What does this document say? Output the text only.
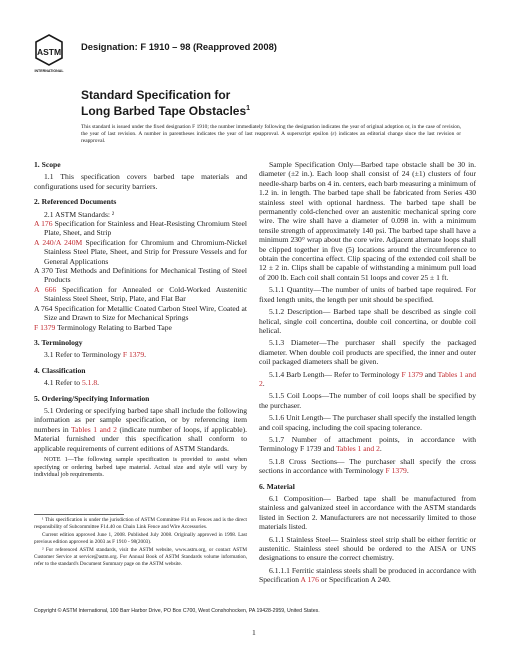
ASTM
INTERNATIONAL
Designation: F 1910 – 98 (Reapproved 2008)
Standard Specification for
Long Barbed Tape Obstacles$^1$
This standard is issued under the fixed designation F 1910; the number immediately following the designation indicates the year of original adoption or, in the case of revision, the year of last revision. A number in parentheses indicates the year of last reapproval. A superscript epsilon (ε) indicates an editorial change since the last revision or reapproval.

1. Scope

1.1 This specification covers barbed tape materials and configurations used for security barriers.

2. Referenced Documents

2.1 ASTM Standards: ²

A 176 Specification for Stainless and Heat-Resisting Chromium Steel Plate, Sheet, and Strip

A 240/A 240M Specification for Chromium and Chromium-Nickel Stainless Steel Plate, Sheet, and Strip for Pressure Vessels and for General Applications

A 370 Test Methods and Definitions for Mechanical Testing of Steel Products

A 666 Specification for Annealed or Cold-Worked Austenitic Stainless Steel Sheet, Strip, Plate, and Flat Bar

A 764 Specification for Metallic Coated Carbon Steel Wire, Coated at Size and Drawn to Size for Mechanical Springs

F 1379 Terminology Relating to Barbed Tape

3. Terminology

3.1 Refer to Terminology F 1379.

4. Classification

4.1 Refer to 5.1.8.

5. Ordering/Specifying Information

5.1 Ordering or specifying barbed tape shall include the following information as per sample specification, or by referencing item numbers in Tables 1 and 2 (indicate number of loops, if applicable). Material furnished under this specification shall conform to applicable requirements of current editions of ASTM Standards.

NOTE 1—The following sample specification is provided to assist when specifying or ordering barbed tape material. Actual size and style will vary by individual job requirements.

¹ This specification is under the jurisdiction of ASTM Committee F14 on Fences and is the direct responsibility of Subcommittee F14.40 on Chain Link Fence and Wire Accessories.

Current edition approved June 1, 2008. Published July 2008. Originally approved in 1998. Last previous edition approved in 2003 as F 1910 - 98(2003).

² For referenced ASTM standards, visit the ASTM website, www.astm.org, or contact ASTM Customer Service at service@astm.org. For Annual Book of ASTM Standards volume information, refer to the standard's Document Summary page on the ASTM website.

Sample Specification Only—Barbed tape obstacle shall be 30 in. diameter (±2 in.). Each loop shall consist of 24 (±1) clusters of four needle-sharp barbs on 4 in. centers, each barb measuring a minimum of 1.2 in. in length. The barbed tape shall be fabricated from Series 430 stainless steel with optional hardness. The barbed tape shall be permanently cold-clenched over an austenitic mechanical spring core wire. The wire shall have a diameter of 0.098 in. with a minimum tensile strength of approximately 140 psi. The barbed tape shall have a minimum 230° wrap about the core wire. Adjacent alternate loops shall be clipped together in five (5) locations around the circumference to obtain the concertina effect. Clip spacing of the extended coil shall be 12 ± 2 in. Clips shall be capable of withstanding a minimum pull load of 200 lb. Each coil shall contain 51 loops and cover 25 ± 1 ft.

5.1.1 Quantity—The number of units of barbed tape required. For fixed length units, the length per unit should be specified.

5.1.2 Description— Barbed tape shall be described as single coil helical, single coil concertina, double coil concertina, or double coil helical.

5.1.3 Diameter—The purchaser shall specify the packaged diameter. When double coil products are specified, the inner and outer coil packaged diameters shall be given.

5.1.4 Barb Length— Refer to Terminology F 1379 and Tables 1 and 2.

5.1.5 Coil Loops—The number of coil loops shall be specified by the purchaser.

5.1.6 Unit Length— The purchaser shall specify the installed length and coil spacing, including the coil spacing tolerance.

5.1.7 Number of attachment points, in accordance with Terminology F 1739 and Tables 1 and 2.

5.1.8 Cross Sections— The purchaser shall specify the cross sections in accordance with Terminology F 1379.

6. Material

6.1 Composition— Barbed tape shall be manufactured from stainless and galvanized steel in accordance with the ASTM standards listed in Section 2. Manufacturers are not necessarily limited to those materials listed.

6.1.1 Stainless Steel— Stainless steel strip shall be either ferritic or austenitic. Stainless steel should be ordered to the AISA or UNS designations to ensure the correct chemistry.

6.1.1.1 Ferritic stainless steels shall be produced in accordance with Specification A 176 or Specification A 240.

Copyright © ASTM International, 100 Barr Harbor Drive, PO Box C700, West Conshohocken, PA 19428-2959, United States.
1
